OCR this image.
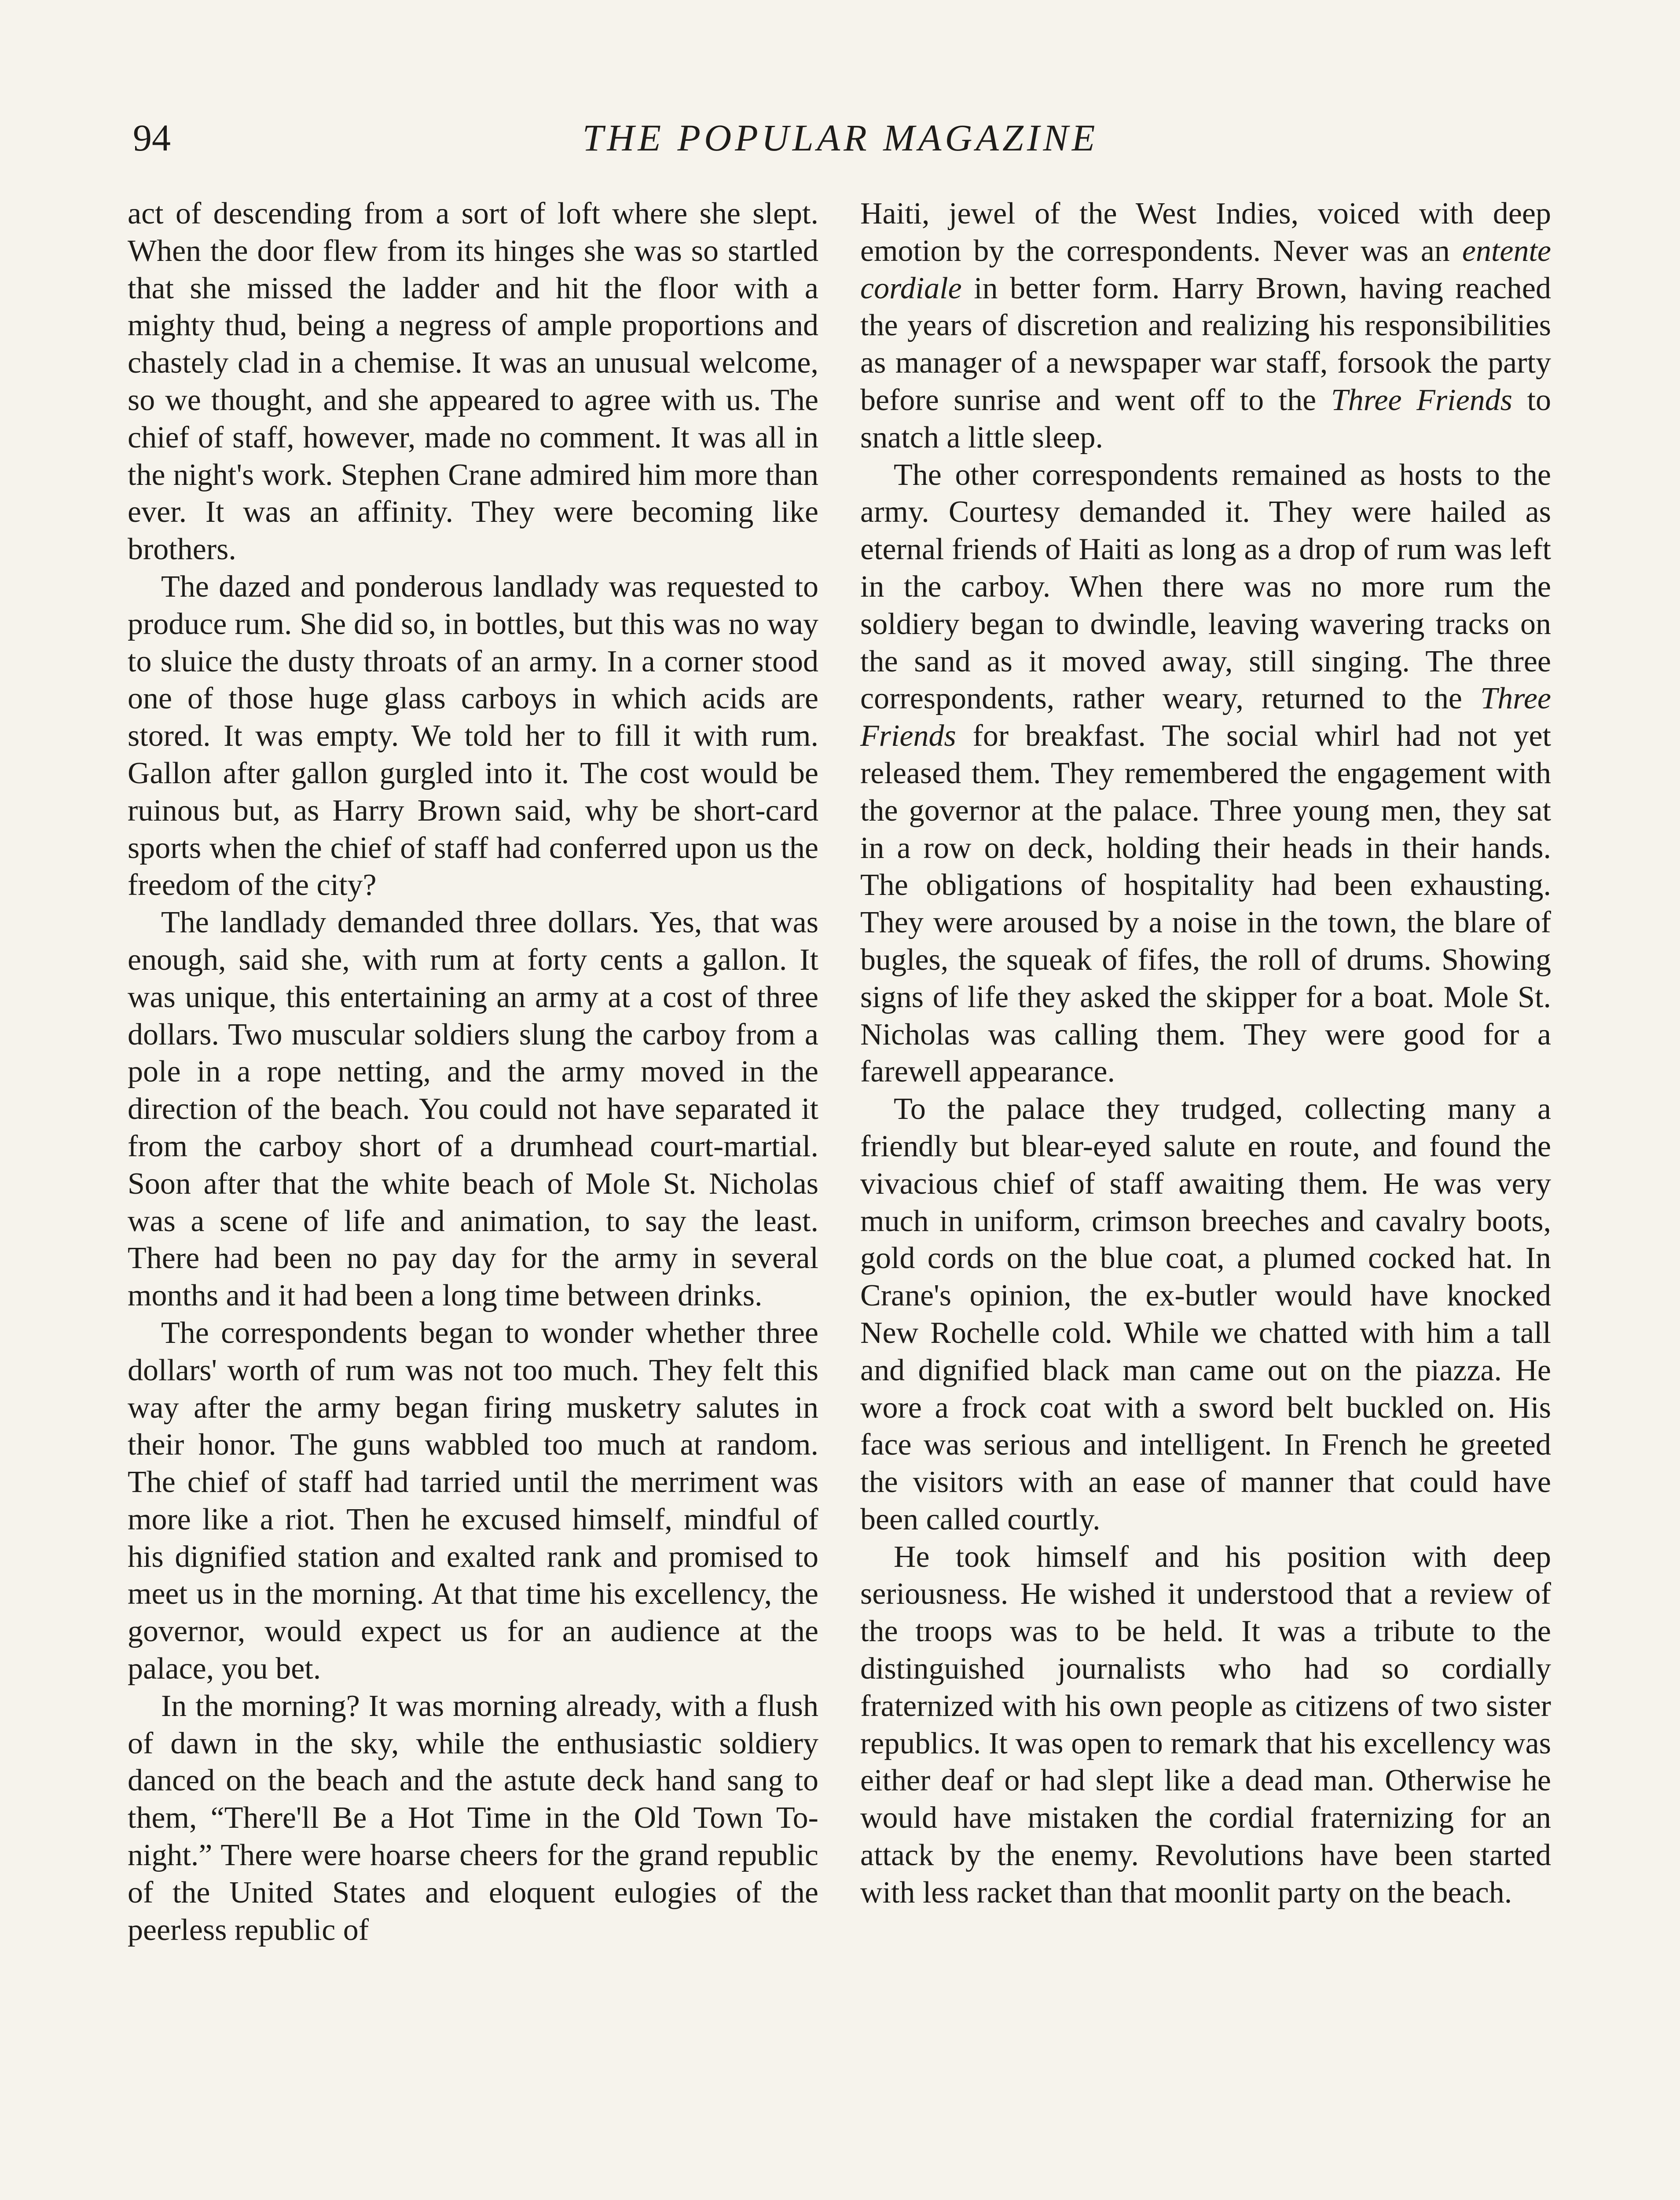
94	THE POPULAR MAGAZINE

act of descending from a sort of loft where she slept. When the door flew from its hinges she was so startled that she missed the ladder and hit the floor with a mighty thud, being a negress of ample proportions and chastely clad in a chemise. It was an unusual welcome, so we thought, and she appeared to agree with us. The chief of staff, however, made no comment. It was all in the night's work. Stephen Crane admired him more than ever. It was an affinity. They were becoming like brothers.

The dazed and ponderous landlady was requested to produce rum. She did so, in bottles, but this was no way to sluice the dusty throats of an army. In a corner stood one of those huge glass carboys in which acids are stored. It was empty. We told her to fill it with rum. Gallon after gallon gurgled into it. The cost would be ruinous but, as Harry Brown said, why be short-card sports when the chief of staff had conferred upon us the freedom of the city?

The landlady demanded three dollars. Yes, that was enough, said she, with rum at forty cents a gallon. It was unique, this entertaining an army at a cost of three dollars. Two muscular soldiers slung the carboy from a pole in a rope netting, and the army moved in the direction of the beach. You could not have separated it from the carboy short of a drumhead court-martial. Soon after that the white beach of Mole St. Nicholas was a scene of life and animation, to say the least. There had been no pay day for the army in several months and it had been a long time between drinks.

The correspondents began to wonder whether three dollars' worth of rum was not too much. They felt this way after the army began firing musketry salutes in their honor. The guns wabbled too much at random. The chief of staff had tarried until the merriment was more like a riot. Then he excused himself, mindful of his dignified station and exalted rank and promised to meet us in the morning. At that time his excellency, the governor, would expect us for an audience at the palace, you bet.

In the morning? It was morning already, with a flush of dawn in the sky, while the enthusiastic soldiery danced on the beach and the astute deck hand sang to them, “There'll Be a Hot Time in the Old Town To-night.” There were hoarse cheers for the grand republic of the United States and eloquent eulogies of the peerless republic of

Haiti, jewel of the West Indies, voiced with deep emotion by the correspondents. Never was an entente cordiale in better form. Harry Brown, having reached the years of discretion and realizing his responsibilities as manager of a newspaper war staff, forsook the party before sunrise and went off to the Three Friends to snatch a little sleep.

The other correspondents remained as hosts to the army. Courtesy demanded it. They were hailed as eternal friends of Haiti as long as a drop of rum was left in the carboy. When there was no more rum the soldiery began to dwindle, leaving wavering tracks on the sand as it moved away, still singing. The three correspondents, rather weary, returned to the Three Friends for breakfast. The social whirl had not yet released them. They remembered the engagement with the governor at the palace. Three young men, they sat in a row on deck, holding their heads in their hands. The obligations of hospitality had been exhausting. They were aroused by a noise in the town, the blare of bugles, the squeak of fifes, the roll of drums. Showing signs of life they asked the skipper for a boat. Mole St. Nicholas was calling them. They were good for a farewell appearance.

To the palace they trudged, collecting many a friendly but blear-eyed salute en route, and found the vivacious chief of staff awaiting them. He was very much in uniform, crimson breeches and cavalry boots, gold cords on the blue coat, a plumed cocked hat. In Crane's opinion, the ex-butler would have knocked New Rochelle cold. While we chatted with him a tall and dignified black man came out on the piazza. He wore a frock coat with a sword belt buckled on. His face was serious and intelligent. In French he greeted the visitors with an ease of manner that could have been called courtly.

He took himself and his position with deep seriousness. He wished it understood that a review of the troops was to be held. It was a tribute to the distinguished journalists who had so cordially fraternized with his own people as citizens of two sister republics. It was open to remark that his excellency was either deaf or had slept like a dead man. Otherwise he would have mistaken the cordial fraternizing for an attack by the enemy. Revolutions have been started with less racket than that moonlit party on the beach.
